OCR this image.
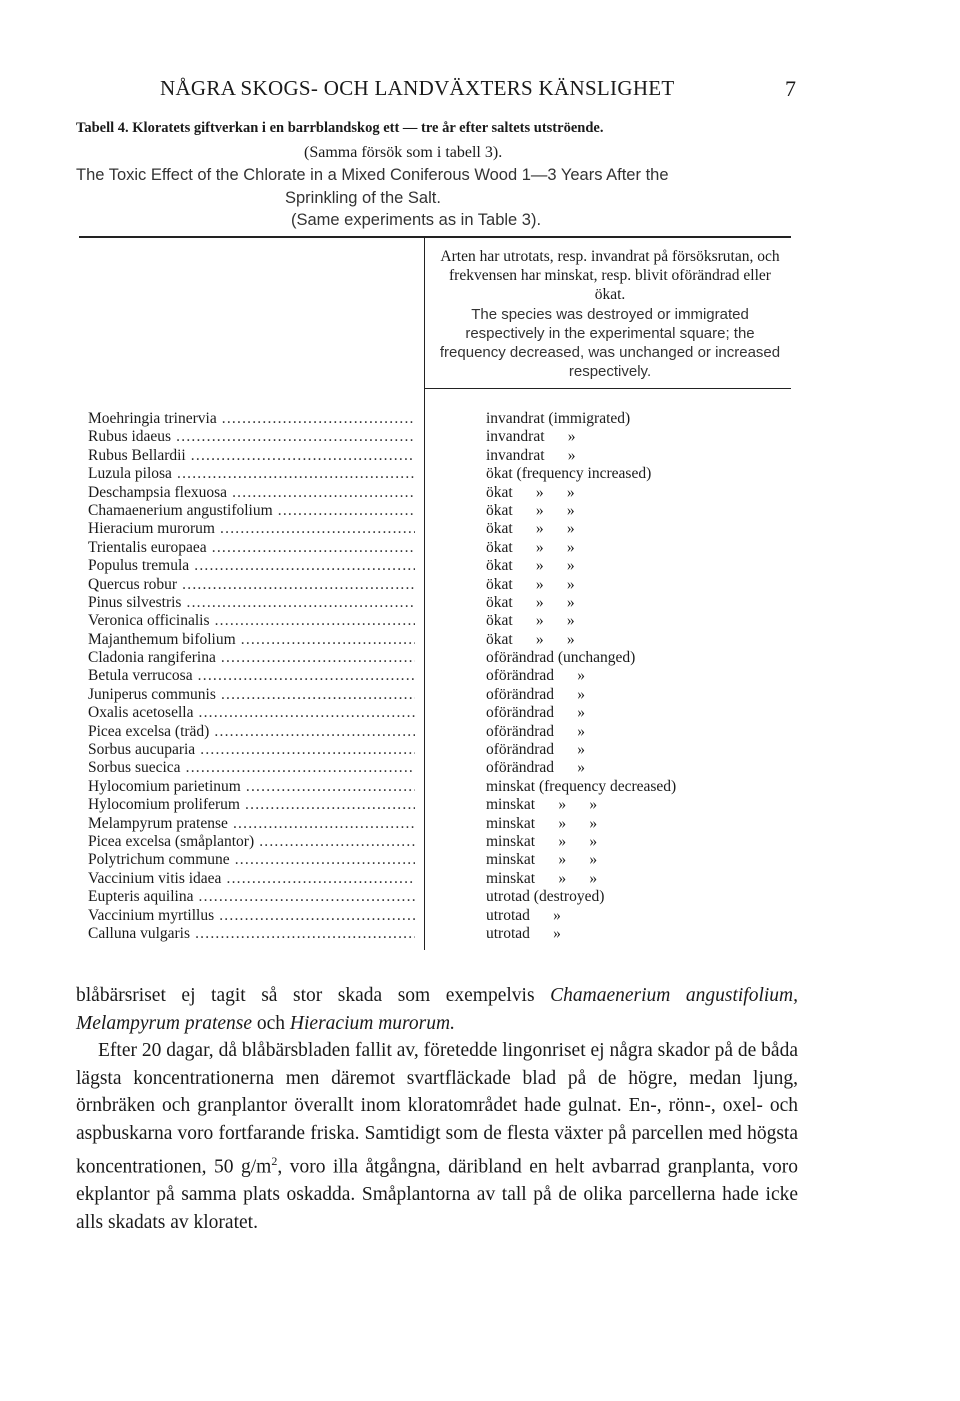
NÅGRA SKOGS- OCH LANDVÄXTERS KÄNSLIGHET	7
Tabell 4. Kloratets giftverkan i en barrblandskog ett — tre år efter saltets utströende.
(Samma försök som i tabell 3).
The Toxic Effect of the Chlorate in a Mixed Coniferous Wood 1—3 Years After the
Sprinkling of the Salt.
(Same experiments as in Table 3).
Arten har utrotats, resp. invandrat på försöksrutan, och frekvensen har minskat, resp. blivit oförändrad eller ökat.
The species was destroyed or immigrated respectively in the experimental square; the frequency decreased, was unchanged or increased respectively.
Moehringia trinervia .....	invandrat (immigrated)
Rubus idaeus .....	invandrat      »
Rubus Bellardii .....	invandrat      »
Luzula pilosa .....	ökat (frequency increased)
Deschampsia flexuosa .....	ökat      »      »
Chamaenerium angustifolium .....	ökat      »      »
Hieracium murorum .....	ökat      »      »
Trientalis europaea .....	ökat      »      »
Populus tremula .....	ökat      »      »
Quercus robur .....	ökat      »      »
Pinus silvestris .....	ökat      »      »
Veronica officinalis .....	ökat      »      »
Majanthemum bifolium .....	ökat      »      »
Cladonia rangiferina .....	oförändrad (unchanged)
Betula verrucosa .....	oförändrad      »
Juniperus communis .....	oförändrad      »
Oxalis acetosella .....	oförändrad      »
Picea excelsa (träd) .....	oförändrad      »
Sorbus aucuparia .....	oförändrad      »
Sorbus suecica .....	oförändrad      »
Hylocomium parietinum .....	minskat (frequency decreased)
Hylocomium proliferum .....	minskat      »      »
Melampyrum pratense .....	minskat      »      »
Picea excelsa (småplantor) .....	minskat      »      »
Polytrichum commune .....	minskat      »      »
Vaccinium vitis idaea .....	minskat      »      »
Eupteris aquilina .....	utrotad (destroyed)
Vaccinium myrtillus .....	utrotad      »
Calluna vulgaris .....	utrotad      »

blåbärsriset ej tagit så stor skada som exempelvis Chamaenerium angustifolium, Melampyrum pratense och Hieracium murorum.

Efter 20 dagar, då blåbärsbladen fallit av, företedde lingonriset ej några skador på de båda lägsta koncentrationerna men däremot svartfläckade blad på de högre, medan ljung, örnbräken och granplantor överallt inom kloratområdet hade gulnat. En-, rönn-, oxel- och aspbuskarna voro fortfarande friska. Samtidigt som de flesta växter på parcellen med högsta koncentrationen, 50 $g/m^2$, voro illa åtgångna, däribland en helt avbarrad granplanta, voro ekplantor på samma plats oskadda. Småplantorna av tall på de olika parcellerna hade icke alls skadats av kloratet.
